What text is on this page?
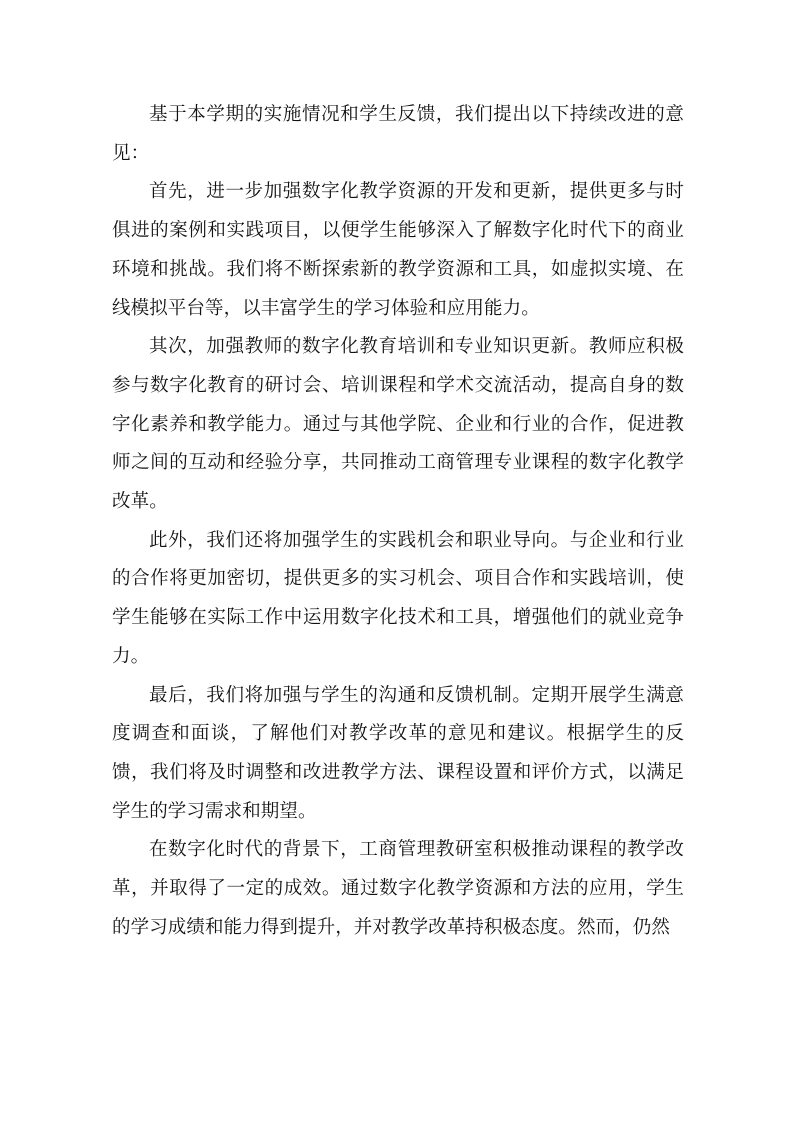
基于本学期的实施情况和学生反馈，我们提出以下持续改进的意见：

首先，进一步加强数字化教学资源的开发和更新，提供更多与时俱进的案例和实践项目，以便学生能够深入了解数字化时代下的商业环境和挑战。我们将不断探索新的教学资源和工具，如虚拟实境、在线模拟平台等，以丰富学生的学习体验和应用能力。

其次，加强教师的数字化教育培训和专业知识更新。教师应积极参与数字化教育的研讨会、培训课程和学术交流活动，提高自身的数字化素养和教学能力。通过与其他学院、企业和行业的合作，促进教师之间的互动和经验分享，共同推动工商管理专业课程的数字化教学改革。

此外，我们还将加强学生的实践机会和职业导向。与企业和行业的合作将更加密切，提供更多的实习机会、项目合作和实践培训，使学生能够在实际工作中运用数字化技术和工具，增强他们的就业竞争力。

最后，我们将加强与学生的沟通和反馈机制。定期开展学生满意度调查和面谈，了解他们对教学改革的意见和建议。根据学生的反馈，我们将及时调整和改进教学方法、课程设置和评价方式，以满足学生的学习需求和期望。

在数字化时代的背景下，工商管理教研室积极推动课程的教学改革，并取得了一定的成效。通过数字化教学资源和方法的应用，学生的学习成绩和能力得到提升，并对教学改革持积极态度。然而，仍然
